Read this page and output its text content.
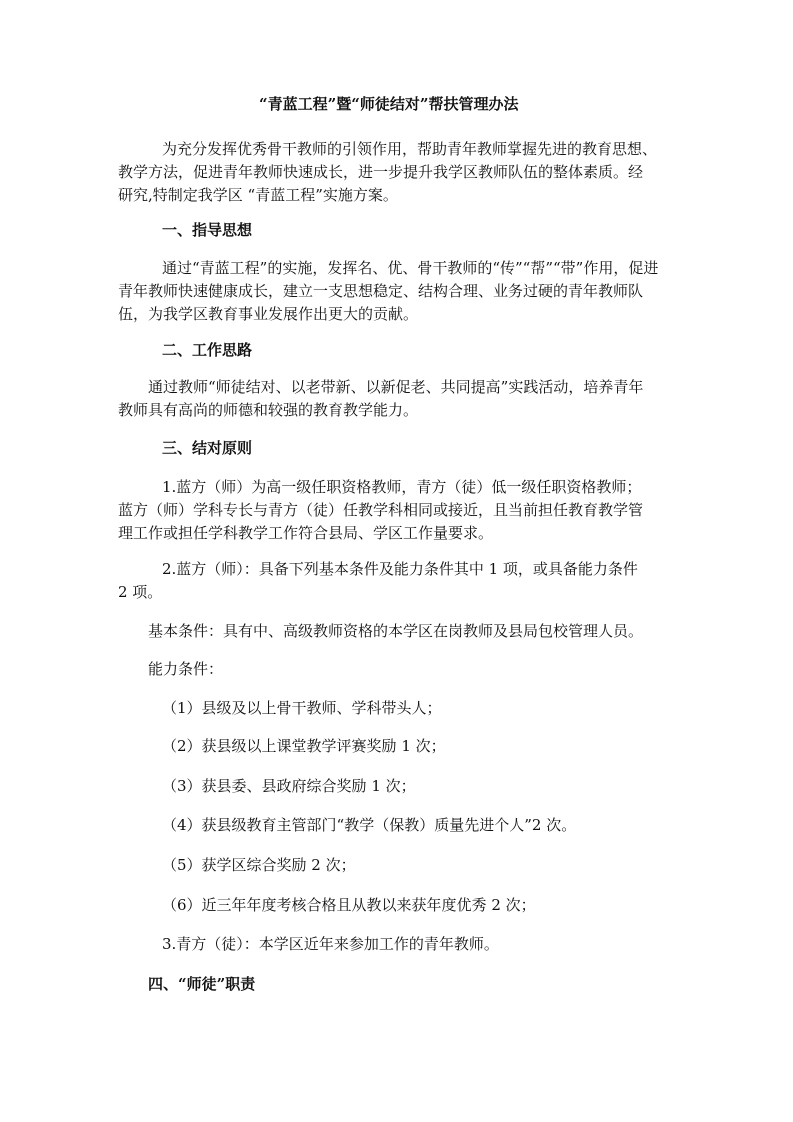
“青蓝工程”暨“师徒结对”帮扶管理办法
为充分发挥优秀骨干教师的引领作用，帮助青年教师掌握先进的教育思想、
教学方法，促进青年教师快速成长，进一步提升我学区教师队伍的整体素质。经
研究,特制定我学区 “青蓝工程”实施方案。
一、指导思想
通过“青蓝工程”的实施，发挥名、优、骨干教师的“传”“帮”“带”作用，促进
青年教师快速健康成长，建立一支思想稳定、结构合理、业务过硬的青年教师队
伍，为我学区教育事业发展作出更大的贡献。
二、工作思路
通过教师“师徒结对、以老带新、以新促老、共同提高”实践活动，培养青年
教师具有高尚的师德和较强的教育教学能力。
三、结对原则
1.蓝方（师）为高一级任职资格教师，青方（徒）低一级任职资格教师；
蓝方（师）学科专长与青方（徒）任教学科相同或接近，且当前担任教育教学管
理工作或担任学科教学工作符合县局、学区工作量要求。
2.蓝方（师）：具备下列基本条件及能力条件其中 1 项，或具备能力条件
2 项。
基本条件：具有中、高级教师资格的本学区在岗教师及县局包校管理人员。
能力条件：
（1）县级及以上骨干教师、学科带头人；
（2）获县级以上课堂教学评赛奖励 1 次；
（3）获县委、县政府综合奖励 1 次；
（4）获县级教育主管部门“教学（保教）质量先进个人”2 次。
（5）获学区综合奖励 2 次；
（6）近三年年度考核合格且从教以来获年度优秀 2 次；
3.青方（徒）：本学区近年来参加工作的青年教师。
四、“师徒”职责
